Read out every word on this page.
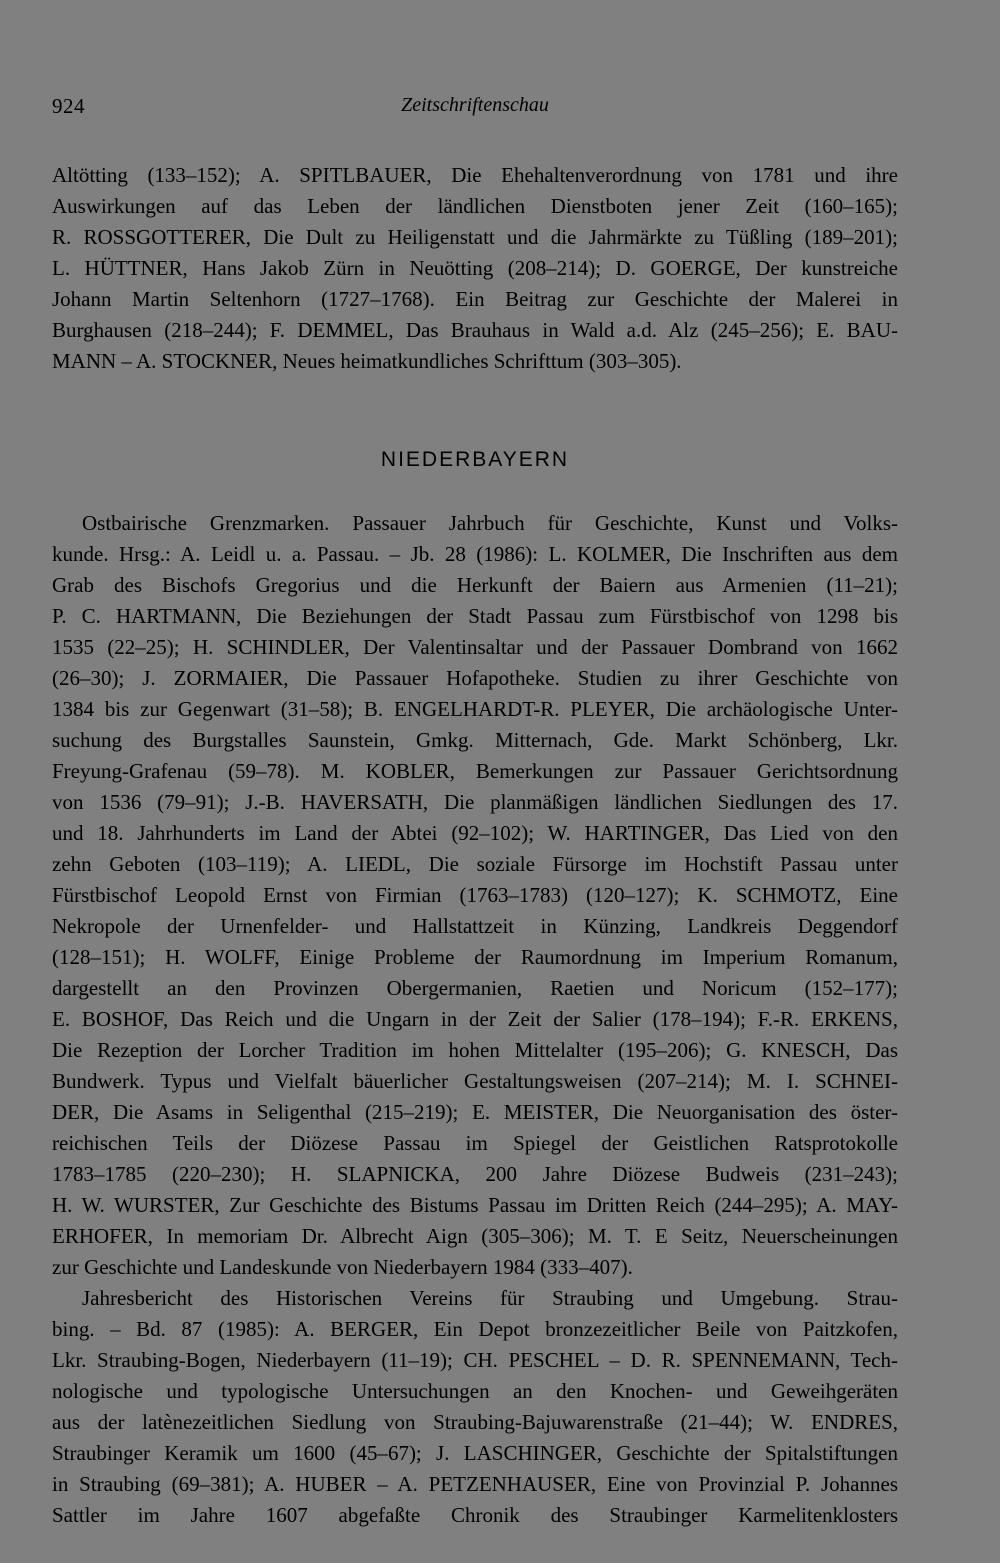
924	Zeitschriftenschau
Altötting (133–152); A. SPITLBAUER, Die Ehehaltenverordnung von 1781 und ihre
Auswirkungen auf das Leben der ländlichen Dienstboten jener Zeit (160–165);
R. ROSSGOTTERER, Die Dult zu Heiligenstatt und die Jahrmärkte zu Tüßling (189–201);
L. HÜTTNER, Hans Jakob Zürn in Neuötting (208–214); D. GOERGE, Der kunstreiche
Johann Martin Seltenhorn (1727–1768). Ein Beitrag zur Geschichte der Malerei in
Burghausen (218–244); F. DEMMEL, Das Brauhaus in Wald a.d. Alz (245–256); E. BAU-
MANN – A. STOCKNER, Neues heimatkundliches Schrifttum (303–305).
NIEDERBAYERN
Ostbairische Grenzmarken. Passauer Jahrbuch für Geschichte, Kunst und Volks-
kunde. Hrsg.: A. Leidl u. a. Passau. – Jb. 28 (1986): L. KOLMER, Die Inschriften aus dem
Grab des Bischofs Gregorius und die Herkunft der Baiern aus Armenien (11–21);
P. C. HARTMANN, Die Beziehungen der Stadt Passau zum Fürstbischof von 1298 bis
1535 (22–25); H. SCHINDLER, Der Valentinsaltar und der Passauer Dombrand von 1662
(26–30); J. ZORMAIER, Die Passauer Hofapotheke. Studien zu ihrer Geschichte von
1384 bis zur Gegenwart (31–58); B. ENGELHARDT-R. PLEYER, Die archäologische Unter-
suchung des Burgstalles Saunstein, Gmkg. Mitternach, Gde. Markt Schönberg, Lkr.
Freyung-Grafenau (59–78). M. KOBLER, Bemerkungen zur Passauer Gerichtsordnung
von 1536 (79–91); J.-B. HAVERSATH, Die planmäßigen ländlichen Siedlungen des 17.
und 18. Jahrhunderts im Land der Abtei (92–102); W. HARTINGER, Das Lied von den
zehn Geboten (103–119); A. LIEDL, Die soziale Fürsorge im Hochstift Passau unter
Fürstbischof Leopold Ernst von Firmian (1763–1783) (120–127); K. SCHMOTZ, Eine
Nekropole der Urnenfelder- und Hallstattzeit in Künzing, Landkreis Deggendorf
(128–151); H. WOLFF, Einige Probleme der Raumordnung im Imperium Romanum,
dargestellt an den Provinzen Obergermanien, Raetien und Noricum (152–177);
E. BOSHOF, Das Reich und die Ungarn in der Zeit der Salier (178–194); F.-R. ERKENS,
Die Rezeption der Lorcher Tradition im hohen Mittelalter (195–206); G. KNESCH, Das
Bundwerk. Typus und Vielfalt bäuerlicher Gestaltungsweisen (207–214); M. I. SCHNEI-
DER, Die Asams in Seligenthal (215–219); E. MEISTER, Die Neuorganisation des öster-
reichischen Teils der Diözese Passau im Spiegel der Geistlichen Ratsprotokolle
1783–1785 (220–230); H. SLAPNICKA, 200 Jahre Diözese Budweis (231–243);
H. W. WURSTER, Zur Geschichte des Bistums Passau im Dritten Reich (244–295); A. MAY-
ERHOFER, In memoriam Dr. Albrecht Aign (305–306); M. T. E Seitz, Neuerscheinungen
zur Geschichte und Landeskunde von Niederbayern 1984 (333–407).
Jahresbericht des Historischen Vereins für Straubing und Umgebung. Strau-
bing. – Bd. 87 (1985): A. BERGER, Ein Depot bronzezeitlicher Beile von Paitzkofen,
Lkr. Straubing-Bogen, Niederbayern (11–19); CH. PESCHEL – D. R. SPENNEMANN, Tech-
nologische und typologische Untersuchungen an den Knochen- und Geweihgeräten
aus der latènezeitlichen Siedlung von Straubing-Bajuwarenstraße (21–44); W. ENDRES,
Straubinger Keramik um 1600 (45–67); J. LASCHINGER, Geschichte der Spitalstiftungen
in Straubing (69–381); A. HUBER – A. PETZENHAUSER, Eine von Provinzial P. Johannes
Sattler im Jahre 1607 abgefaßte Chronik des Straubinger Karmelitenklosters
